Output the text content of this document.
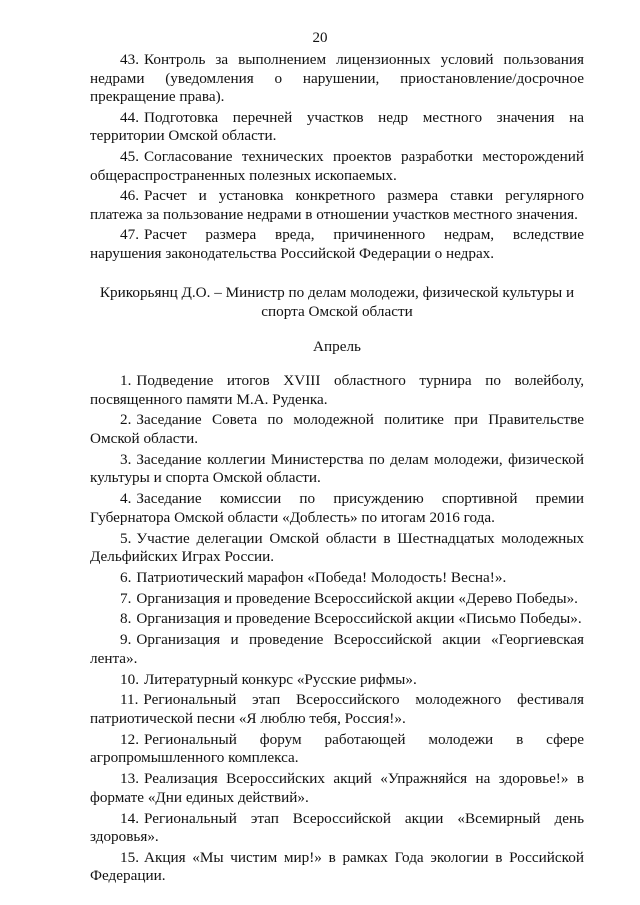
20

43. Контроль за выполнением лицензионных условий пользования недрами (уведомления о нарушении, приостановление/досрочное прекращение права).

44. Подготовка перечней участков недр местного значения на территории Омской области.

45. Согласование технических проектов разработки месторождений общераспространенных полезных ископаемых.

46. Расчет и установка конкретного размера ставки регулярного платежа за пользование недрами в отношении участков местного значения.

47. Расчет размера вреда, причиненного недрам, вследствие нарушения законодательства Российской Федерации о недрах.

Крикорьянц Д.О. – Министр по делам молодежи, физической культуры и

спорта Омской области

Апрель

1. Подведение итогов XVIII областного турнира по волейболу, посвященного памяти М.А. Руденка.

2. Заседание Совета по молодежной политике при Правительстве Омской области.

3. Заседание коллегии Министерства по делам молодежи, физической культуры и спорта Омской области.

4. Заседание комиссии по присуждению спортивной премии Губернатора Омской области «Доблесть» по итогам 2016 года.

5. Участие делегации Омской области в Шестнадцатых молодежных Дельфийских Играх России.

6. Патриотический марафон «Победа! Молодость! Весна!».

7. Организация и проведение Всероссийской акции «Дерево Победы».

8. Организация и проведение Всероссийской акции «Письмо Победы».

9. Организация и проведение Всероссийской акции «Георгиевская лента».

10. Литературный конкурс «Русские рифмы».

11. Региональный этап Всероссийского молодежного фестиваля патриотической песни «Я люблю тебя, Россия!».

12. Региональный форум работающей молодежи в сфере агропромышленного комплекса.

13. Реализация Всероссийских акций «Упражняйся на здоровье!» в формате «Дни единых действий».

14. Региональный этап Всероссийской акции «Всемирный день здоровья».

15. Акция «Мы чистим мир!» в рамках Года экологии в Российской Федерации.
